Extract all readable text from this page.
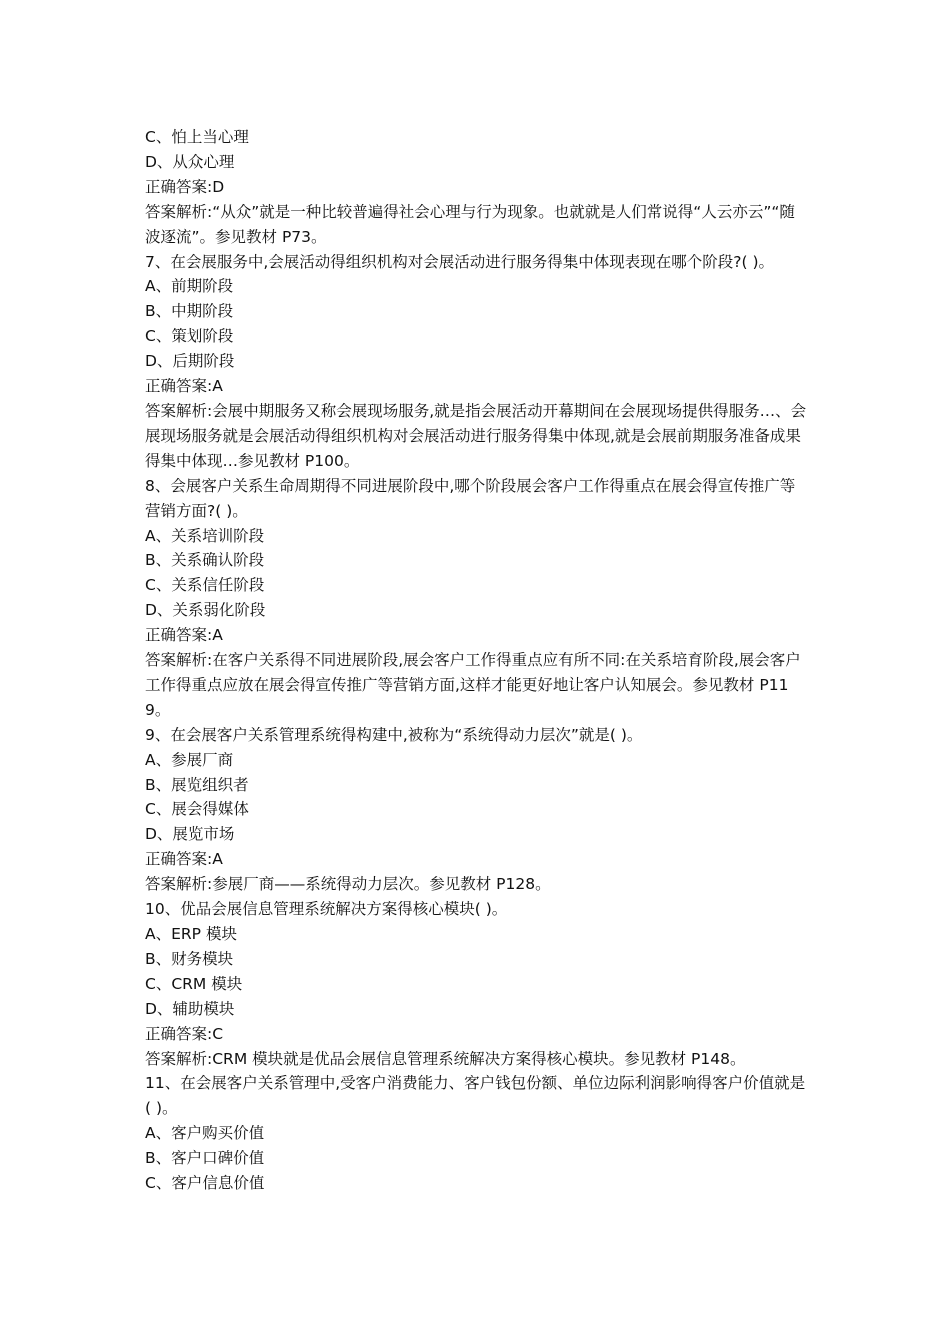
C、怕上当心理

D、从众心理

正确答案:D

答案解析:“从众”就是一种比较普遍得社会心理与行为现象。也就就是人们常说得“人云亦云”“随波逐流”。参见教材 P73。

7、在会展服务中,会展活动得组织机构对会展活动进行服务得集中体现表现在哪个阶段?( )。

A、前期阶段

B、中期阶段

C、策划阶段

D、后期阶段

正确答案:A

答案解析:会展中期服务又称会展现场服务,就是指会展活动开幕期间在会展现场提供得服务…、会展现场服务就是会展活动得组织机构对会展活动进行服务得集中体现,就是会展前期服务准备成果得集中体现…参见教材 P100。

8、会展客户关系生命周期得不同进展阶段中,哪个阶段展会客户工作得重点在展会得宣传推广等营销方面?( )。

A、关系培训阶段

B、关系确认阶段

C、关系信任阶段

D、关系弱化阶段

正确答案:A

答案解析:在客户关系得不同进展阶段,展会客户工作得重点应有所不同:在关系培育阶段,展会客户工作得重点应放在展会得宣传推广等营销方面,这样才能更好地让客户认知展会。参见教材 P119。

9、在会展客户关系管理系统得构建中,被称为“系统得动力层次”就是( )。

A、参展厂商

B、展览组织者

C、展会得媒体

D、展览市场

正确答案:A

答案解析:参展厂商——系统得动力层次。参见教材 P128。

10、优品会展信息管理系统解决方案得核心模块( )。

A、ERP 模块

B、财务模块

C、CRM 模块

D、辅助模块

正确答案:C

答案解析:CRM 模块就是优品会展信息管理系统解决方案得核心模块。参见教材 P148。

11、在会展客户关系管理中,受客户消费能力、客户钱包份额、单位边际利润影响得客户价值就是( )。

A、客户购买价值

B、客户口碑价值

C、客户信息价值
